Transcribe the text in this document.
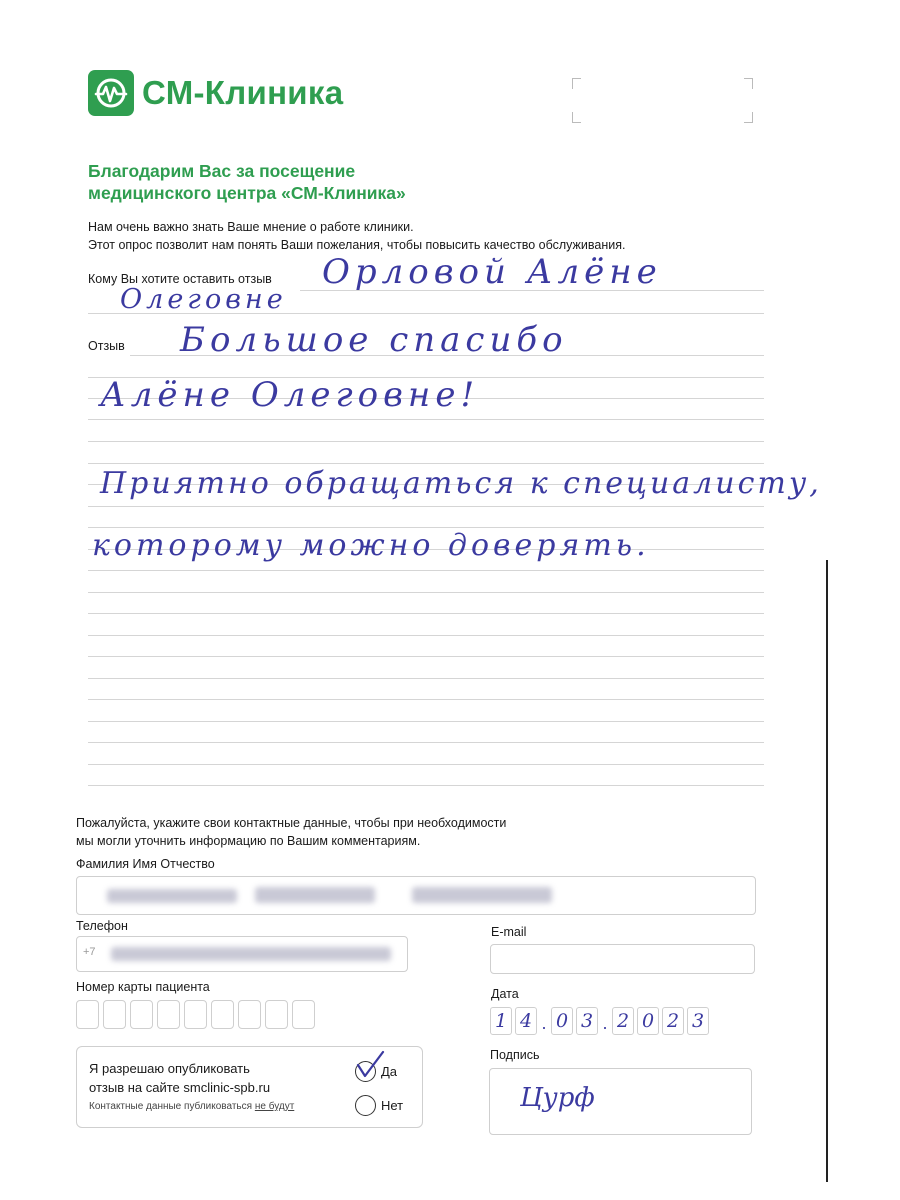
СМ-Клиника
Благодарим Вас за посещение
медицинского центра «СМ-Клиника»
Нам очень важно знать Ваше мнение о работе клиники.
Этот опрос позволит нам понять Ваши пожелания, чтобы повысить качество обслуживания.
Кому Вы хотите оставить отзыв
Отзыв
Орловой Алёне
Олеговне
Большое спасибо
Алёне Олеговне!
Приятно обращаться к специалисту,
которому можно доверять.
Пожалуйста, укажите свои контактные данные, чтобы при необходимости
мы могли уточнить информацию по Вашим комментариям.
Фамилия Имя Отчество
Телефон
+7
E-mail
Номер карты пациента	Дата
1 4 . 0 3 . 2 0 2 3
Я разрешаю опубликовать
отзыв на сайте smclinic-spb.ru
Контактные данные публиковаться не будут
Да
Нет
Подпись
Цурф
